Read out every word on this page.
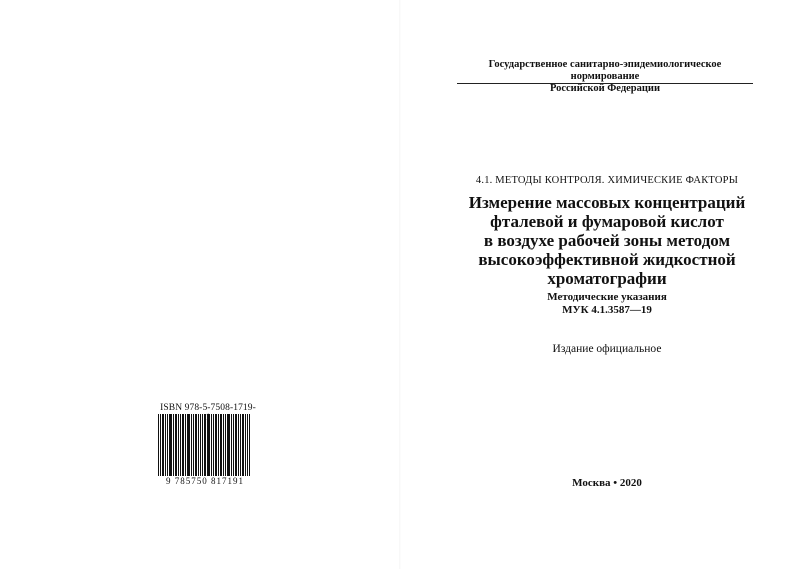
ISBN 978-5-7508-1719-
9 785750 817191
Государственное санитарно-эпидемиологическое нормирование
Российской Федерации
4.1. МЕТОДЫ КОНТРОЛЯ. ХИМИЧЕСКИЕ ФАКТОРЫ
Измерение массовых концентраций
фталевой и фумаровой кислот
в воздухе рабочей зоны методом
высокоэффективной жидкостной
хроматографии
Методические указания
МУК 4.1.3587—19
Издание официальное
Москва • 2020
